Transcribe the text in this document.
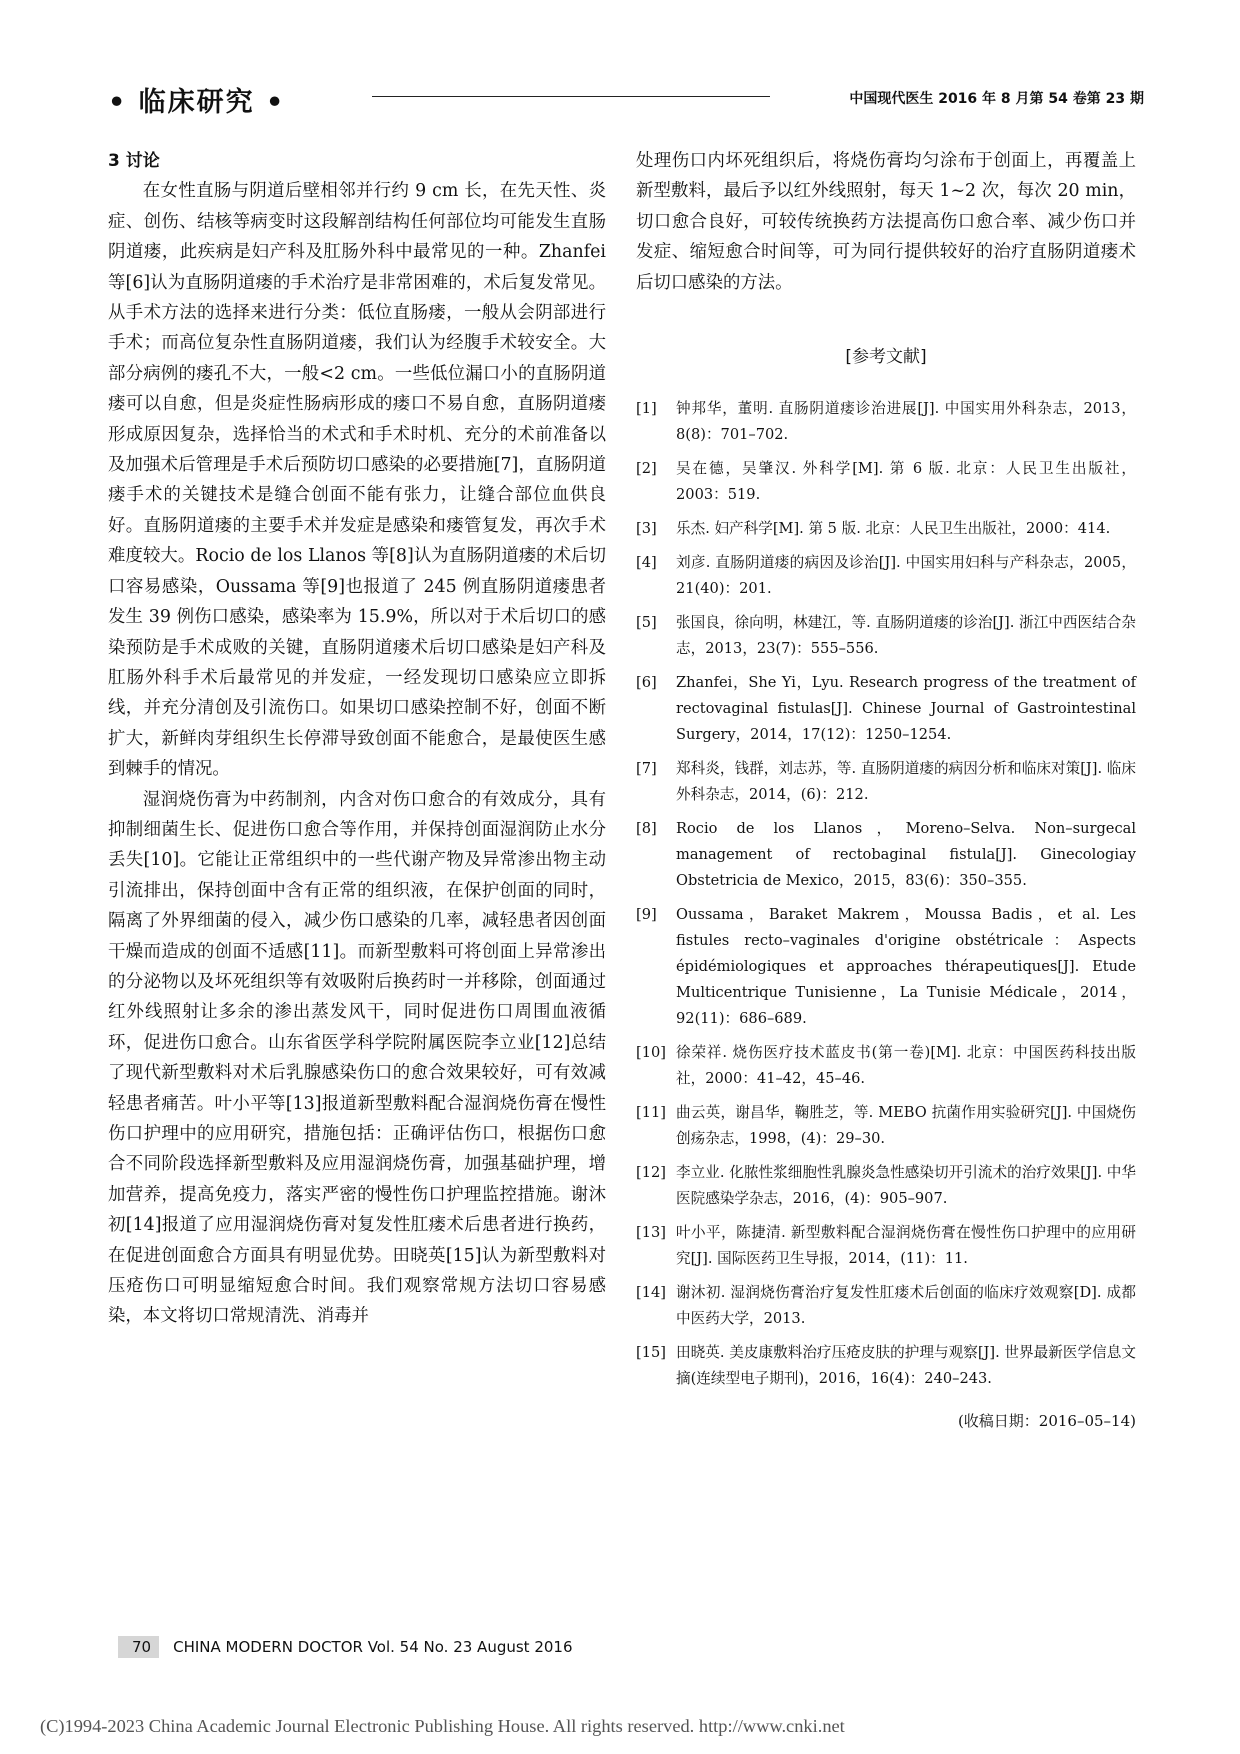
• 临床研究 •	中国现代医生 2016 年 8 月第 54 卷第 23 期

3 讨论

在女性直肠与阴道后壁相邻并行约 9 cm 长，在先天性、炎症、创伤、结核等病变时这段解剖结构任何部位均可能发生直肠阴道瘘，此疾病是妇产科及肛肠外科中最常见的一种。Zhanfei 等[6]认为直肠阴道瘘的手术治疗是非常困难的，术后复发常见。从手术方法的选择来进行分类：低位直肠瘘，一般从会阴部进行手术；而高位复杂性直肠阴道瘘，我们认为经腹手术较安全。大部分病例的瘘孔不大，一般<2 cm。一些低位漏口小的直肠阴道瘘可以自愈，但是炎症性肠病形成的瘘口不易自愈，直肠阴道瘘形成原因复杂，选择恰当的术式和手术时机、充分的术前准备以及加强术后管理是手术后预防切口感染的必要措施[7]，直肠阴道瘘手术的关键技术是缝合创面不能有张力，让缝合部位血供良好。直肠阴道瘘的主要手术并发症是感染和瘘管复发，再次手术难度较大。Rocio de los Llanos 等[8]认为直肠阴道瘘的术后切口容易感染，Oussama 等[9]也报道了 245 例直肠阴道瘘患者发生 39 例伤口感染，感染率为 15.9%，所以对于术后切口的感染预防是手术成败的关键，直肠阴道瘘术后切口感染是妇产科及肛肠外科手术后最常见的并发症，一经发现切口感染应立即拆线，并充分清创及引流伤口。如果切口感染控制不好，创面不断扩大，新鲜肉芽组织生长停滞导致创面不能愈合，是最使医生感到棘手的情况。

湿润烧伤膏为中药制剂，内含对伤口愈合的有效成分，具有抑制细菌生长、促进伤口愈合等作用，并保持创面湿润防止水分丢失[10]。它能让正常组织中的一些代谢产物及异常渗出物主动引流排出，保持创面中含有正常的组织液，在保护创面的同时，隔离了外界细菌的侵入，减少伤口感染的几率，减轻患者因创面干燥而造成的创面不适感[11]。而新型敷料可将创面上异常渗出的分泌物以及坏死组织等有效吸附后换药时一并移除，创面通过红外线照射让多余的渗出蒸发风干，同时促进伤口周围血液循环，促进伤口愈合。山东省医学科学院附属医院李立业[12]总结了现代新型敷料对术后乳腺感染伤口的愈合效果较好，可有效减轻患者痛苦。叶小平等[13]报道新型敷料配合湿润烧伤膏在慢性伤口护理中的应用研究，措施包括：正确评估伤口，根据伤口愈合不同阶段选择新型敷料及应用湿润烧伤膏，加强基础护理，增加营养，提高免疫力，落实严密的慢性伤口护理监控措施。谢沐初[14]报道了应用湿润烧伤膏对复发性肛瘘术后患者进行换药，在促进创面愈合方面具有明显优势。田晓英[15]认为新型敷料对压疮伤口可明显缩短愈合时间。我们观察常规方法切口容易感染，本文将切口常规清洗、消毒并

处理伤口内坏死组织后，将烧伤膏均匀涂布于创面上，再覆盖上新型敷料，最后予以红外线照射，每天 1~2 次，每次 20 min，切口愈合良好，可较传统换药方法提高伤口愈合率、减少伤口并发症、缩短愈合时间等，可为同行提供较好的治疗直肠阴道瘘术后切口感染的方法。

[参考文献]

[1] 钟邦华，董明. 直肠阴道瘘诊治进展[J]. 中国实用外科杂志，2013，8(8)：701–702.

[2] 吴在德，吴肇汉. 外科学[M]. 第 6 版. 北京：人民卫生出版社，2003：519.

[3] 乐杰. 妇产科学[M]. 第 5 版. 北京：人民卫生出版社，2000：414.

[4] 刘彦. 直肠阴道瘘的病因及诊治[J]. 中国实用妇科与产科杂志，2005，21(40)：201.

[5] 张国良，徐向明，林建江，等. 直肠阴道瘘的诊治[J]. 浙江中西医结合杂志，2013，23(7)：555–556.

[6] Zhanfei，She Yi，Lyu. Research progress of the treatment of rectovaginal fistulas[J]. Chinese Journal of Gastrointestinal Surgery，2014，17(12)：1250–1254.

[7] 郑科炎，钱群，刘志苏，等. 直肠阴道瘘的病因分析和临床对策[J]. 临床外科杂志，2014，(6)：212.

[8] Rocio de los Llanos，Moreno–Selva. Non–surgecal management of rectobaginal fistula[J]. Ginecologiay Obstetricia de Mexico，2015，83(6)：350–355.

[9] Oussama，Baraket Makrem，Moussa Badis，et al. Les fistules recto–vaginales d'origine obstétricale：Aspects épidémiologiques et approaches thérapeutiques[J]. Etude Multicentrique Tunisienne，La Tunisie Médicale，2014，92(11)：686–689.

[10] 徐荣祥. 烧伤医疗技术蓝皮书(第一卷)[M]. 北京：中国医药科技出版社，2000：41–42，45–46.

[11] 曲云英，谢昌华，鞠胜芝，等. MEBO 抗菌作用实验研究[J]. 中国烧伤创疡杂志，1998，(4)：29–30.

[12] 李立业. 化脓性浆细胞性乳腺炎急性感染切开引流术的治疗效果[J]. 中华医院感染学杂志，2016，(4)：905–907.

[13] 叶小平，陈捷清. 新型敷料配合湿润烧伤膏在慢性伤口护理中的应用研究[J]. 国际医药卫生导报，2014，(11)：11.

[14] 谢沐初. 湿润烧伤膏治疗复发性肛瘘术后创面的临床疗效观察[D]. 成都中医药大学，2013.

[15] 田晓英. 美皮康敷料治疗压疮皮肤的护理与观察[J]. 世界最新医学信息文摘(连续型电子期刊)，2016，16(4)：240–243.

(收稿日期：2016–05–14)
70 CHINA MODERN DOCTOR Vol. 54 No. 23 August 2016
(C)1994-2023 China Academic Journal Electronic Publishing House. All rights reserved. http://www.cnki.net
